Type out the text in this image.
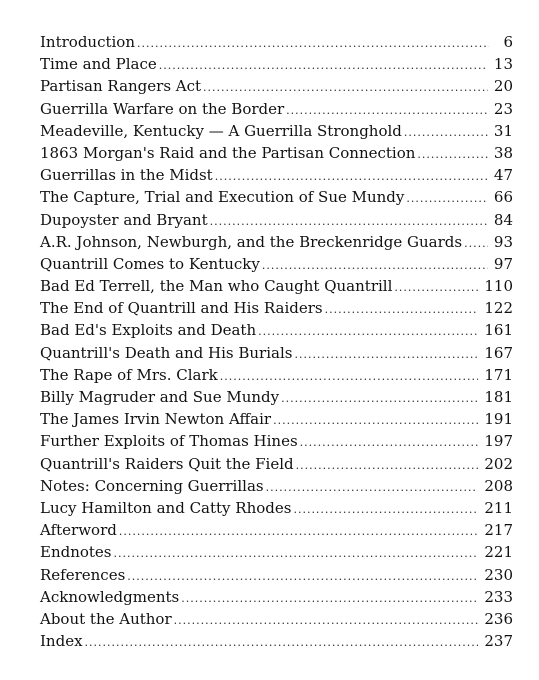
Introduction .....	6
Time and Place .....	13
Partisan Rangers Act .....	20
Guerrilla Warfare on the Border .....	23
Meadeville, Kentucky — A Guerrilla Stronghold .....	31
1863 Morgan's Raid and the Partisan Connection .....	38
Guerrillas in the Midst .....	47
The Capture, Trial and Execution of Sue Mundy .....	66
Dupoyster and Bryant .....	84
A.R. Johnson, Newburgh, and the Breckenridge Guards .....	93
Quantrill Comes to Kentucky .....	97
Bad Ed Terrell, the Man who Caught Quantrill .....	110
The End of Quantrill and His Raiders .....	122
Bad Ed's Exploits and Death .....	161
Quantrill's Death and His Burials .....	167
The Rape of Mrs. Clark .....	171
Billy Magruder and Sue Mundy .....	181
The James Irvin Newton Affair .....	191
Further Exploits of Thomas Hines .....	197
Quantrill's Raiders Quit the Field .....	202
Notes: Concerning Guerrillas .....	208
Lucy Hamilton and Catty Rhodes .....	211
Afterword .....	217
Endnotes .....	221
References .....	230
Acknowledgments .....	233
About the Author .....	236
Index .....	237
